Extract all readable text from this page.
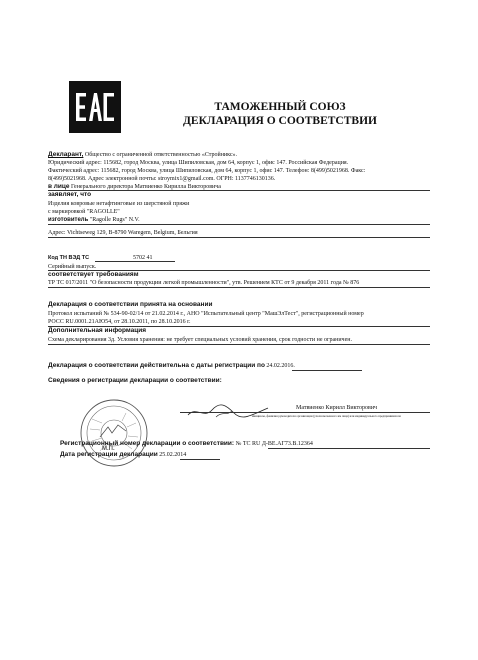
ТАМОЖЕННЫЙ СОЮЗ
ДЕКЛАРАЦИЯ О СООТВЕТСТВИИ
Декларант, Общество с ограниченной ответственностью «Стройникс».
Юридический адрес: 115682, город Москва, улица Шипиловская, дом 64, корпус 1, офис 147. Российская Федерация.
Фактический адрес: 115682, город Москва, улица Шипиловская, дом 64, корпус 1, офис 147. Телефон: 8(499)5021968. Факс:
8(499)5021968. Адрес электронной почты: stroymix1@gmail.com. ОГРН: 1137746130136.
в лице Генерального директора Матвиенко Кирилла Викторовича
заявляет, что
Изделия ковровые нетафтинговые из шерстяной пряжи
с маркировкой "RAGOLLE"
изготовитель "Ragolle Rugs" N.V.
Адрес: Vichtseweg 129, B-8790 Waregem, Belgium, Бельгия
Код ТН ВЭД ТС	5702 41
Серийный выпуск.
соответствует требованиям
ТР ТС 017/2011 "О безопасности продукции легкой промышленности", утв. Решением КТС от 9 декабря 2011 года № 876
Декларация о соответствии принята на основании
Протокол испытаний № 534-90-02/14 от 21.02.2014 г., АНО "Испытательный центр "МашЭлТест", регистрационный номер
РОСС RU.0001.21АЮ54, от 28.10.2011, по 28.10.2016 г.
Дополнительная информация
Схема декларирования 3д. Условия хранения: не требует специальных условий хранения, срок годности не ограничен.
Декларация о соответствии действительна с даты регистрации по 24.02.2016.
Сведения о регистрации декларации о соответствии:
М.П.
Матвиенко Кирилл Викторович
инициалы, фамилия руководителя организации (уполномоченного им лица) или индивидуального предпринимателя
Регистрационный номер декларации о соответствии: № ТС RU Д-BE.АГ73.В.12364
Дата регистрации декларации 25.02.2014
